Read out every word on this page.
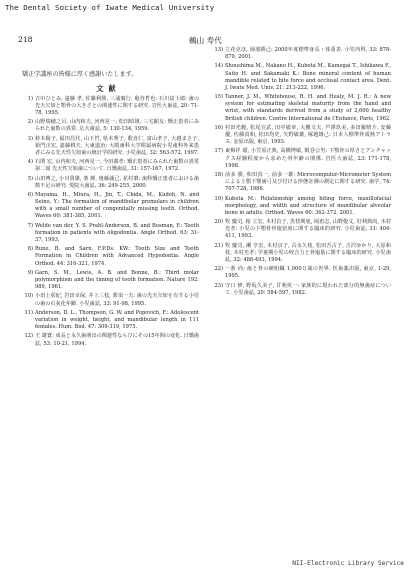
The Dental Society of Iwate Medical University
218	鵜山 寿代
矯正学講座の皆様に厚く感謝いたします。
文献
1) 吉中ひとみ, 遠藤 孝, 佐藤利勝, 三浦廣行, 亀谷哲也: 石川富士郎: 歯の先天欠如と顎骨の大きさとの関連性に関する研究. 岩医大歯誌, 20: 71-78, 1995.
2) 山野瑞穂之呂, 山内和夫, 河西晃一, 松田昭雄, 三宅顕友: 矯正患者にみられた歯数の異常. 広大歯誌, 5: 130-134, 1959.
3) 鈴木陽子, 福田昌代, 山下哲, 県木秀子, 歌直仁, 富山孝子, 大越まさ子, 新門正宏, 嘉藤耕夫, 大東道治: 大阪歯科大学附属病院小児歯科外来患者にみる先天性欠如歯の統計学的研究. 小児歯誌, 32: 563-572, 1997.
4) 石関 宏, 山内和夫, 河西晃一, 今田義孝: 矯正患者にみられた歯数の異常 第二報 先天性欠如歯について. 日矯歯誌, 31: 157-167, 1972.
5) 山田博之, 小川貴雄, 楽 輝, 後藤誠己, 花村肇: 歯科矯正患者における歯数不足の研究. 愛院大歯誌, 36: 249-255, 2000.
6) Mayama, H., Miura, H., Jin, T., Chida, M., Kudoh, N. and Seino, Y.: The formation of mandibular premolars in children with a small number of congenitally missing teeth. Orthod. Waves 60: 381-385, 2001.
7) Welde van der, Y. S. Prahl-Anderson, B. and Bosman, F.: Tooth formation in patients with oligodontia. Angle Orthod. 63: 31-37, 1993.
8) Rune, B. and Sarn, F.P.Ds. KW.: Tooth Size and Tooth Formation in Children with Advanced Hypodontia. Angle Orthod. 44: 316-321, 1974.
9) Garn, S. M., Lewis, A. B. and Bonne, B.: Third molar polymorphism and the timing of tooth formation. Nature 192: 989, 1961.
10) 小田上彰紀, 岩田幸保, 井上三枝, 栗須一夫: 歯の先天欠如を有する小児の歯の石灰化年齢. 小児歯誌, 33: 91-98, 1995.
11) Anderson, D. L., Thompson, G. W. and Popovich, F.: Adolescent variation in weight, height, and mandibular length in 111 females. Hum. Biol. 47: 309-319, 1975.
12) 王 雄寛: 成長と永久歯萌出の関連性ならびにその15年間の変化. 日矯歯誌, 53: 10-21, 1994.
13) 立花克彦, 岡部勝己: 2000年度標準身長・体重表. 小児内科, 33: 878-879, 2001.
14) Shoushima M., Nakano H., Kubota M., Kamegai T., Ishikawa F., Saito H. and Sakamaki K.: Bone mineral content of human mandible related to bite force and occlusal contact area. Dent. J. Iwate Med. Univ. 21: 213-222, 1996.
15) Tanner, J. M., Whitehouse, R. H. and Healy, M. J. R.: A new system for estimating skeletal maturity from the hand and wrist, with standards derived from a study of 2,600 healthy British children. Centre International de l'Enfance, Paris, 1962.
16) 村田光範, 松尾宣武, 田中敏章, 大槻文夫, 芦澤玖美, 多田羅晴介, 安藤 優, 佐藤真和, 松田均史, 矢野敏雄, 塚越雄己: 日本人標準骨成熟アトラス. 金原出版, 東京, 1993.
17) 東梅祥 瑠, 小笠原正典, 高橋博敏, 阪巻公男: 下顎骨の厚さとアンチャックス経験程度から求めた骨年齢の関係. 岩医大歯誌, 23: 171-178, 1998.
18) 前多 勝, 和田真一, 前多一雄: Microcomputer-Micrometer System による上顎下顎歯弓及び付ける形態計測の測定に関する研究. 歯学, 74: 707-728, 1986.
19) Kubota M.: Relationship among biting force, maxillofacial morphology, and width and structure of mandibular alveolar bone in adults. Orthod. Waves 60: 362-372, 2001.
20) 牧 慶司, 箱 立宏, 木村貞子, 黒枝興旭, 岡恵志, 山野俊文, 好利典尚, 木村光孝: 小児の下顎骨骨塩密度に関する臨床的研究. 小児歯誌, 31: 404-411, 1993.
21) 牧 慶司, 瀬 亨宏, 木村京子, 古永久枝, 松田吾古子, 吉沢ゆかり, 大原和枝, 木村光孝: 学童期小児の咬合力と骨塩量に関する臨床的研究. 小児歯誌, 32: 488-493, 1994.
22) 一条 尚: 歯と骨の硬組織 1,000万歳の世界. 医歯薬出版, 東京, 1-29, 1995.
23) 守口 修, 野坂久美子, 甘利英一: 家族的に現われた部分的無歯症について. 小児歯誌, 20: 584-597, 1982.
NII-Electronic Library Service
